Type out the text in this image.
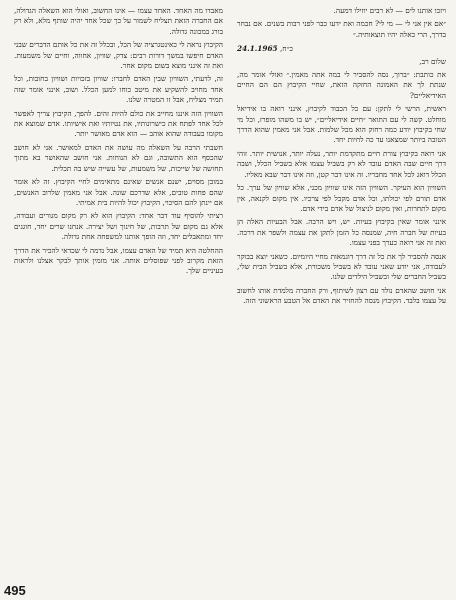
ויזכו אותנו לים — לא רבים יוזילו דמעה.

״אם אין אני לי — מי לי? חכמה ואת ידעו כבר לפני רבות בשנים. אם נבחר בדרך, הרי כאלה יהיו תוצאותיה.״

כ״ח, 24.1.1965

שלום רב,

את כותבת: ״ברוך, נסה להסביר לי במה אתה מאמין.״ ואולי אומר מה, שנתת לך את האמונה החזקה הזאת, שחיי הקיבוץ הם הם החיים האידיאליים?

ראשית, הרשי לי לתקן: עם כל הכבוד לקיבוץ, אינני רואה בו אידיאל מוחלט. קשה לי עם התואר ״חיים אידיאליים״, יש בו משהו מופרז, וכל מי שחי בקיבוץ יודע כמה רחוק הוא מכל שלמות. אבל אני מאמין שהוא הדרך הטובה ביותר שמצאנו עד כה לחיות יחד.

אני רואה בקיבוץ צורת חיים מתקדמת יותר, נעלה יותר, אנושית יותר. זוהי דרך חיים שבה האדם עובד לא רק בשביל עצמו אלא בשביל הכלל, ושבה הכלל דואג לכל אחד מחבריו. זה אינו דבר קטן, וזה אינו דבר שבא מאליו.

השוויון הוא העיקר. השוויון הזה אינו שוויון מכני, אלא שוויון של ערך. כל אדם תורם לפי יכולתו, וכל אדם מקבל לפי צרכיו. אין מקום לקנאה, אין מקום לתחרות, ואין מקום לניצול של אדם בידי אדם.

אינני אומר שאין בקיבוץ בעיות. יש, ויש הרבה. אבל הבעיות האלה הן בעיות של חברה חיה, שמנסה כל הזמן לתקן את עצמה ולשפר את דרכה. ואת זה אני רואה כערך בפני עצמו.

אנסה להסביר לך את כל זה דרך דוגמאות מחיי היומיום. כשאני יוצא בבוקר לעבודה, אני יודע שאני עובד לא בשביל משכורת, אלא בשביל הבית שלי, בשביל החברים שלי ובשביל הילדים שלנו.

אני חושב שהאדם נולד עם רצון לשיתוף, ורק החברה מלמדת אותו לחשוב על עצמו בלבד. הקיבוץ מנסה להחזיר את האדם אל הטבע הראשוני הזה.

מאבדו מה האחד. האחד עצמו — אינו החשוב, ואולי הוא השאלה הגדולה, אם החברה הזאת תצליח לשמור על כך שכל אחד יהיה שותף מלא, ולא רק בורג במכונה גדולה.

הקיבוץ נראה לי כאינטגרציה של הכל, ובכלל זה את כל אותם הדברים שבני האדם חיפשו במשך דורות רבים: צדק, שוויון, אחווה, וחיים של משמעות. ואת זה אינני מוצא בשום מקום אחר.

זה, לדעתי, השוויון שבין האדם לחברו: שוויון בזכויות ושוויון בחובות, וכל אחד מחויב להשקיע את מיטב כוחו למען הכלל. ושוב, אינני אומר שזה תמיד מצליח, אבל זו המטרה שלנו.

השוויון הזה איננו מחייב את כולם להיות זהים. להפך, הקיבוץ צריך לאפשר לכל אחד לפתח את כישרונותיו, את נטיותיו ואת אישיותו. אדם שמוצא את מקומו בעבודה שהוא אוהב — הוא אדם מאושר יותר.

חשבתי הרבה על השאלה מה עושה את האדם למאושר. אני לא חושב שהכסף הוא התשובה, וגם לא הנוחות. אני חושב שהאושר בא מתוך תחושה של שייכות, של משמעות, של עשייה שיש בה תכלית.

במובן מסוים, ישנם אנשים שאינם מתאימים לחיי הקיבוץ. זה לא אומר שהם פחות טובים, אלא שדרכם שונה. אבל אני מאמין שלרוב האנשים, אם יינתן להם הסיכוי, הקיבוץ יכול להיות בית אמיתי.

רציתי להוסיף עוד דבר אחד: הקיבוץ הוא לא רק מקום מגורים ועבודה, אלא גם מקום של תרבות, של חינוך ושל יצירה. אנחנו שרים יחד, חוגגים יחד ומתאבלים יחד, וזה הופך אותנו למשפחה אחת גדולה.

ההחלטה היא תמיד של האדם עצמו, אבל נדמה לי שכדאי להכיר את הדרך הזאת מקרוב לפני שפוסלים אותה. אני מזמין אותך לבקר אצלנו ולראות בעיניים שלך.

495
